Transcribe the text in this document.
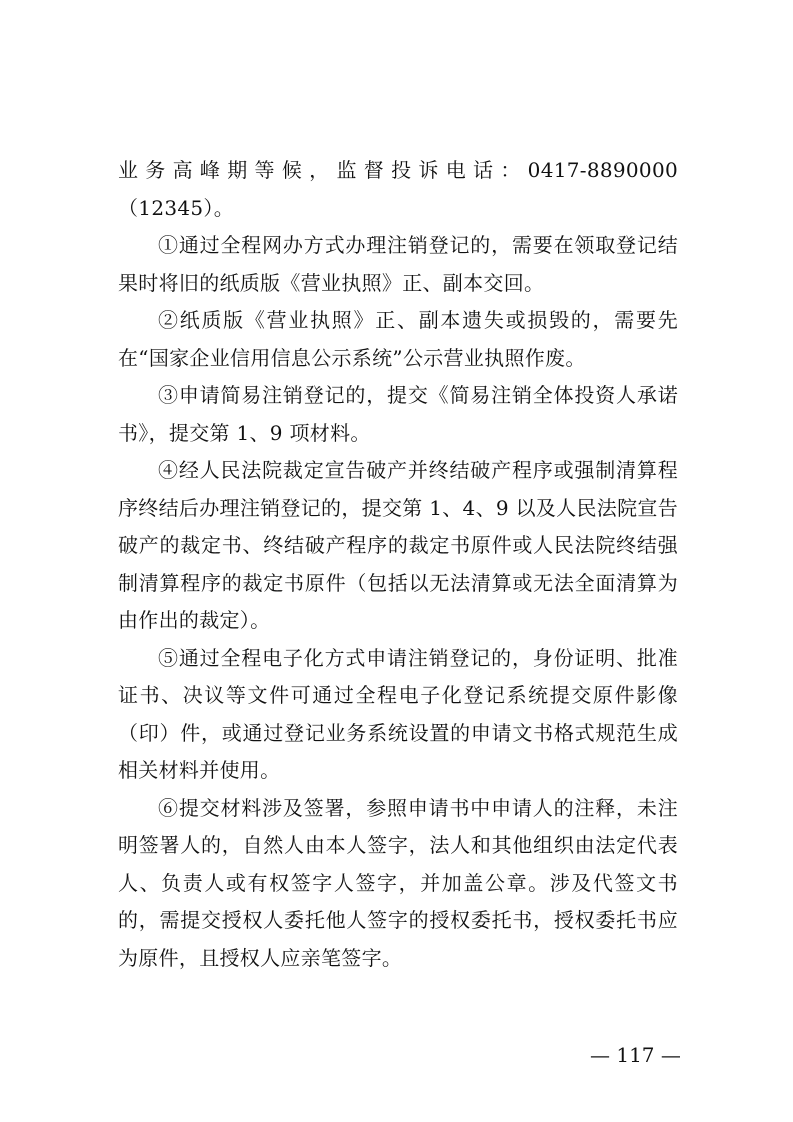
业务高峰期等候，监督投诉电话：0417-8890000（12345）。

①通过全程网办方式办理注销登记的，需要在领取登记结果时将旧的纸质版《营业执照》正、副本交回。

②纸质版《营业执照》正、副本遗失或损毁的，需要先在“国家企业信用信息公示系统”公示营业执照作废。

③申请简易注销登记的，提交《简易注销全体投资人承诺书》，提交第 1、9 项材料。

④经人民法院裁定宣告破产并终结破产程序或强制清算程序终结后办理注销登记的，提交第 1、4、9 以及人民法院宣告破产的裁定书、终结破产程序的裁定书原件或人民法院终结强制清算程序的裁定书原件（包括以无法清算或无法全面清算为由作出的裁定）。

⑤通过全程电子化方式申请注销登记的，身份证明、批准证书、决议等文件可通过全程电子化登记系统提交原件影像（印）件，或通过登记业务系统设置的申请文书格式规范生成相关材料并使用。

⑥提交材料涉及签署，参照申请书中申请人的注释，未注明签署人的，自然人由本人签字，法人和其他组织由法定代表人、负责人或有权签字人签字，并加盖公章。涉及代签文书的，需提交授权人委托他人签字的授权委托书，授权委托书应为原件，且授权人应亲笔签字。

— 117 —
